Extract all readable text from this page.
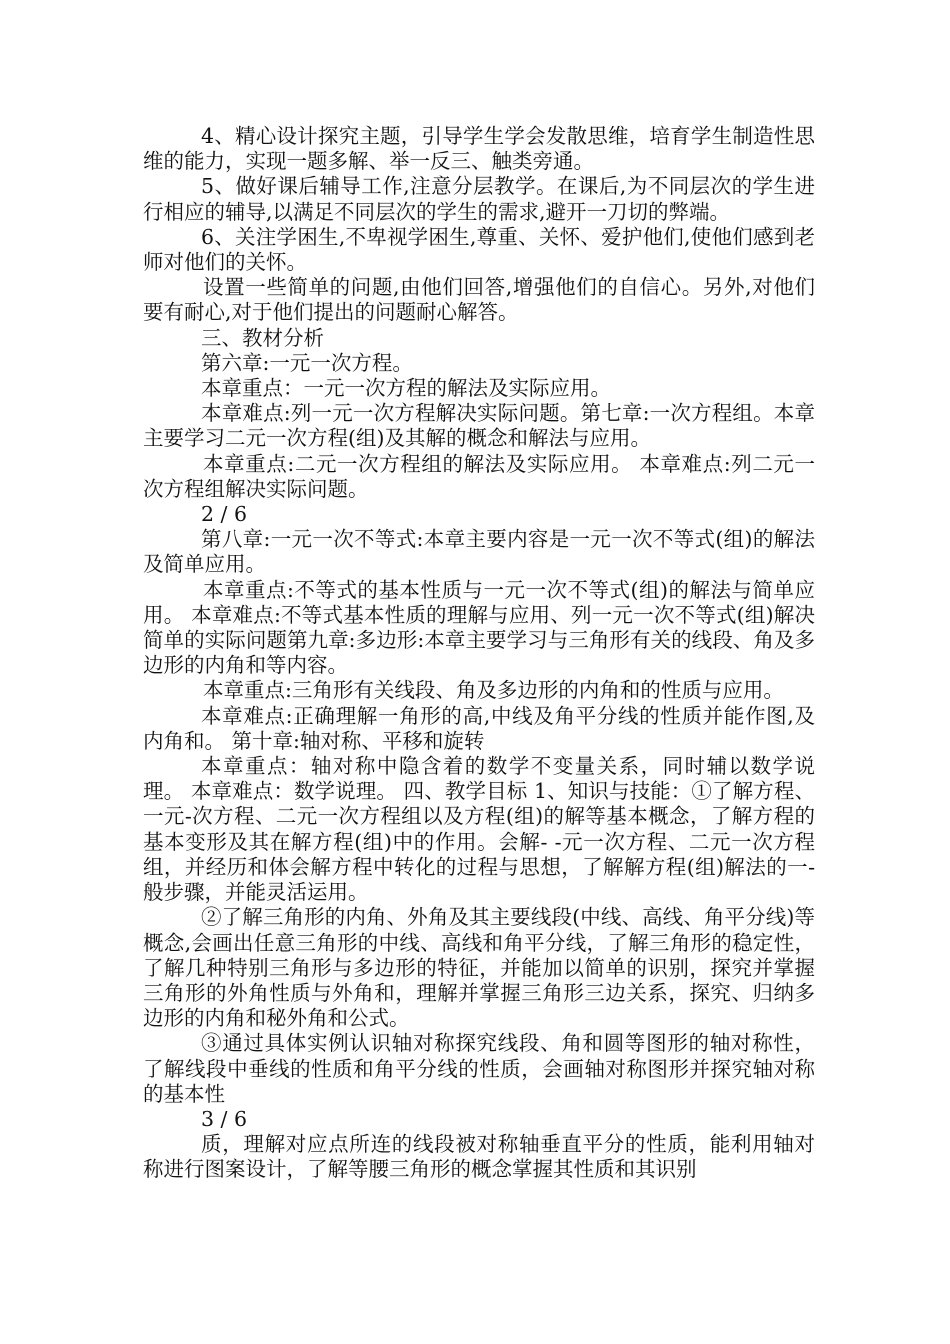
4、精心设计探究主题，引导学生学会发散思维，培育学生制造性思维的能力，实现一题多解、举一反三、触类旁通。

5、做好课后辅导工作,注意分层教学。在课后,为不同层次的学生进行相应的辅导,以满足不同层次的学生的需求,避开一刀切的弊端。

6、关注学困生,不卑视学困生,尊重、关怀、爱护他们,使他们感到老师对他们的关怀。

设置一些简单的问题,由他们回答,增强他们的自信心。另外,对他们要有耐心,对于他们提出的问题耐心解答。

三、教材分析

第六章:一元一次方程。

本章重点：一元一次方程的解法及实际应用。

本章难点:列一元一次方程解决实际问题。第七章:一次方程组。本章主要学习二元一次方程(组)及其解的概念和解法与应用。

本章重点:二元一次方程组的解法及实际应用。 本章难点:列二元一次方程组解决实际问题。

2 / 6

第八章:一元一次不等式:本章主要内容是一元一次不等式(组)的解法及简单应用。

本章重点:不等式的基本性质与一元一次不等式(组)的解法与简单应用。 本章难点:不等式基本性质的理解与应用、列一元一次不等式(组)解决简单的实际问题第九章:多边形:本章主要学习与三角形有关的线段、角及多边形的内角和等内容。

本章重点:三角形有关线段、角及多边形的内角和的性质与应用。

本章难点:正确理解一角形的高,中线及角平分线的性质并能作图,及内角和。 第十章:轴对称、平移和旋转

本章重点：轴对称中隐含着的数学不变量关系，同时辅以数学说理。 本章难点：数学说理。 四、教学目标 1、知识与技能：①了解方程、一元-次方程、二元一次方程组以及方程(组)的解等基本概念，了解方程的基本变形及其在解方程(组)中的作用。会解- -元一次方程、二元一次方程组，并经历和体会解方程中转化的过程与思想，了解解方程(组)解法的一-般步骤，并能灵活运用。

②了解三角形的内角、外角及其主要线段(中线、高线、角平分线)等概念,会画出任意三角形的中线、高线和角平分线，了解三角形的稳定性，了解几种特别三角形与多边形的特征，并能加以简单的识别，探究并掌握三角形的外角性质与外角和，理解并掌握三角形三边关系，探究、归纳多边形的内角和秘外角和公式。

③通过具体实例认识轴对称探究线段、角和圆等图形的轴对称性，了解线段中垂线的性质和角平分线的性质，会画轴对称图形并探究轴对称的基本性

3 / 6

质，理解对应点所连的线段被对称轴垂直平分的性质，能利用轴对称进行图案设计，了解等腰三角形的概念掌握其性质和其识别
